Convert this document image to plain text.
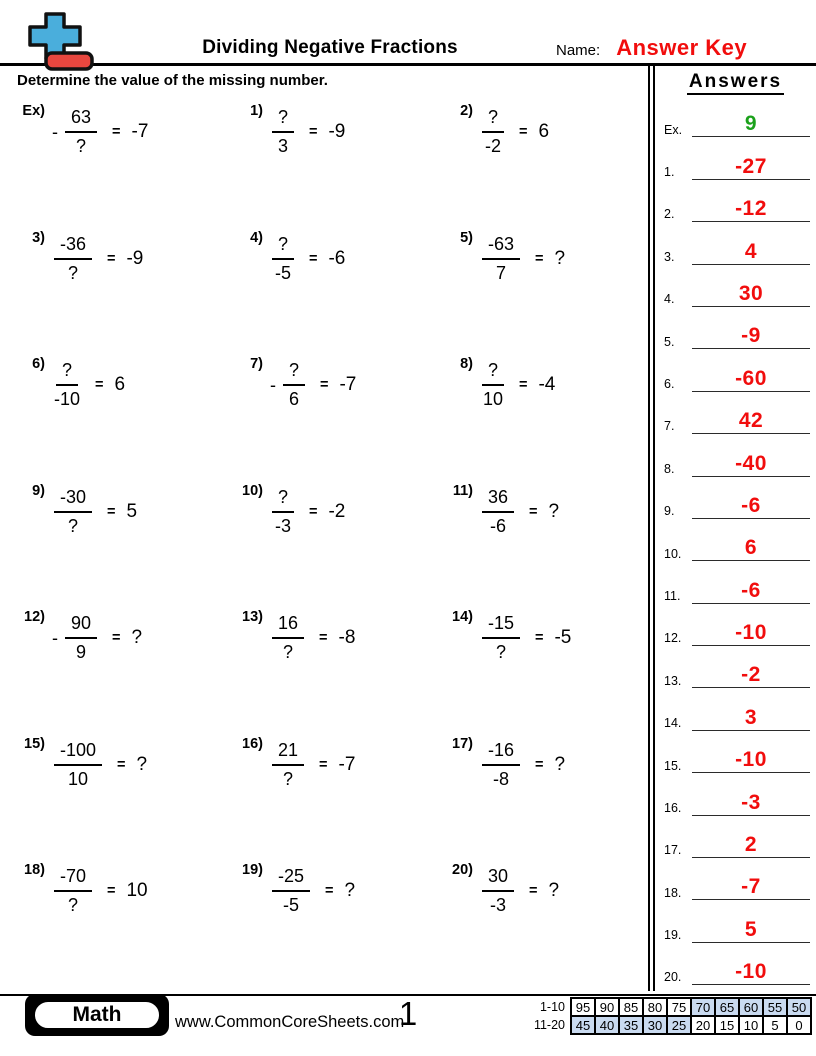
Dividing Negative Fractions	Name: Answer Key
Determine the value of the missing number.
Ex)
- $\frac{63}{?} = -7$
$1) \frac{?}{3} = -9$
$2) \frac{?}{-2} = 6$
$3) \frac{-36}{?} = -9$
$4) \frac{?}{-5} = -6$
$5) \frac{-63}{7}$ = ?
$6) \frac{?}{-10} = 6$
7)
- $\frac{?}{6} = -7$
$8) \frac{?}{10} = -4$
$9) \frac{-30}{?} = 5$
$10) \frac{?}{-3} = -2$
$11) \frac{36}{-6}$ = ?
12)
- $\frac{90}{9}$ = ?
$13) \frac{16}{?} = -8$
$14) \frac{-15}{?} = -5$
$15) \frac{-100}{10}$ = ?
$16) \frac{21}{?} = -7$
$17) \frac{-16}{-8}$ = ?
$18) \frac{-70}{?} = 10$
$19) \frac{-25}{-5}$ = ?
$20) \frac{30}{-3}$ = ?
Answers
Ex.	9
1.	-27
2.	-12
3.	4
4.	30
5.	-9
6.	-60
7.	42
8.	-40
9.	-6
10.	6
11.	-6
12.	-10
13.	-2
14.	3
15.	-10
16.	-3
17.	2
18.	-7
19.	5
20.	-10
Math	www.CommonCoreSheets.com
1	1-10	95	90	85	80	75	70	65	60	55	50
11-20	45	40	35	30	25	20	15	10	5	0
